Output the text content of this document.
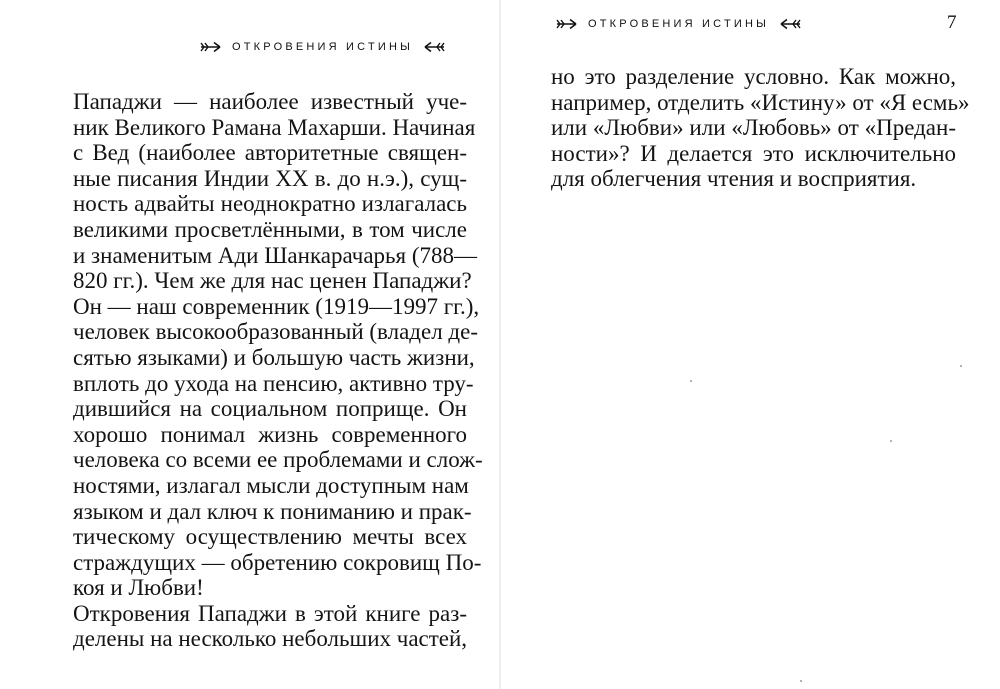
ОТКРОВЕНИЯ ИСТИНЫ

Пападжи — наиболее известный уче-
ник Великого Рамана Махарши. Начиная
с Вед (наиболее авторитетные священ-
ные писания Индии XX в. до н.э.), сущ-
ность адвайты неоднократно излагалась
великими просветлёнными, в том числе
и знаменитым Ади Шанкарачарья (788—
820 гг.). Чем же для нас ценен Пападжи?
Он — наш современник (1919—1997 гг.),
человек высокообразованный (владел де-
сятью языками) и большую часть жизни,
вплоть до ухода на пенсию, активно тру-
дившийся на социальном поприще. Он
хорошо понимал жизнь современного
человека со всеми ее проблемами и слож-
ностями, излагал мысли доступным нам
языком и дал ключ к пониманию и прак-
тическому осуществлению мечты всех
страждущих — обретению сокровищ По-
коя и Любви!

Откровения Пападжи в этой книге раз-
делены на несколько небольших частей,

ОТКРОВЕНИЯ ИСТИНЫ	7

но это разделение условно. Как можно,
например, отделить «Истину» от «Я есмь»
или «Любви» или «Любовь» от «Предан-
ности»? И делается это исключительно
для облегчения чтения и восприятия.
